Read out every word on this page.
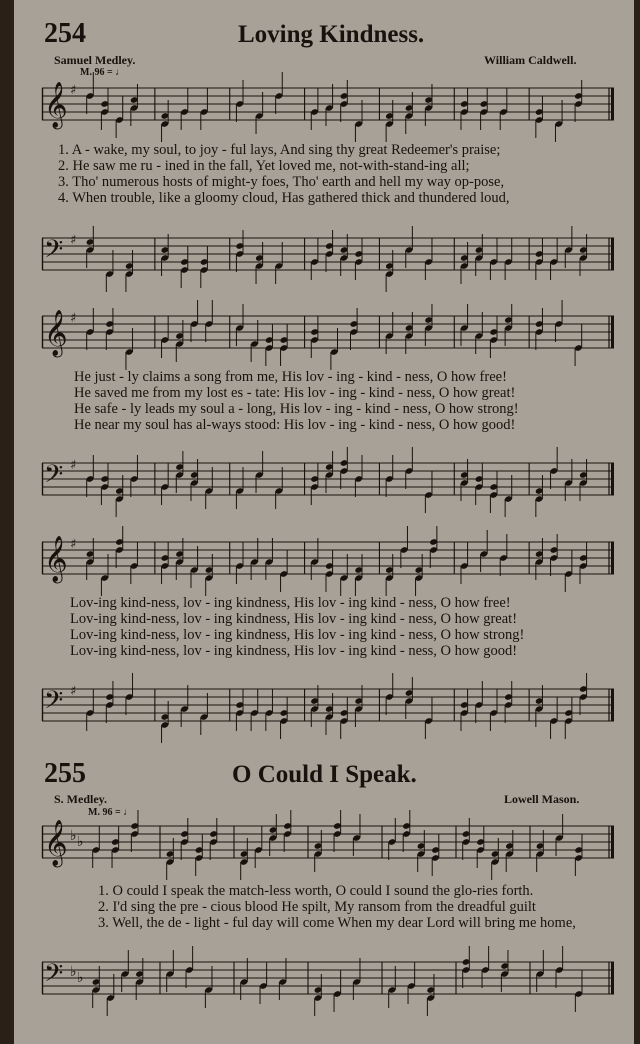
254	Loving Kindness.
Samuel Medley.	William Caldwell.
M. 96 = ♩
𝄞 ♯
1. A - wake, my soul, to joy - ful lays, And sing thy great Redeemer's praise;
2. He saw me ru - ined in the fall, Yet loved me, not-with-stand-ing all;
3. Tho' numerous hosts of might-y foes, Tho' earth and hell my way op-pose,
4. When trouble, like a gloomy cloud, Has gathered thick and thundered loud,
𝄢 ♯
𝄞 ♯
He just - ly claims a song from me, His lov - ing - kind - ness, O how free!
He saved me from my lost es - tate: His lov - ing - kind - ness, O how great!
He safe - ly leads my soul a - long, His lov - ing - kind - ness, O how strong!
He near my soul has al-ways stood: His lov - ing - kind - ness, O how good!
𝄢 ♯
𝄞 ♯
Lov-ing kind-ness, lov - ing kindness, His lov - ing kind - ness, O how free!
Lov-ing kind-ness, lov - ing kindness, His lov - ing kind - ness, O how great!
Lov-ing kind-ness, lov - ing kindness, His lov - ing kind - ness, O how strong!
Lov-ing kind-ness, lov - ing kindness, His lov - ing kind - ness, O how good!
𝄢 ♯
255	O Could I Speak.
S. Medley.	Lowell Mason.
M. 96 = ♩
𝄞 ♭ ♭
1. O could I speak the match-less worth, O could I sound the glo-ries forth.
2. I'd sing the pre - cious blood He spilt, My ransom from the dreadful guilt
3. Well, the de - light - ful day will come When my dear Lord will bring me home,
𝄢 ♭ ♭
